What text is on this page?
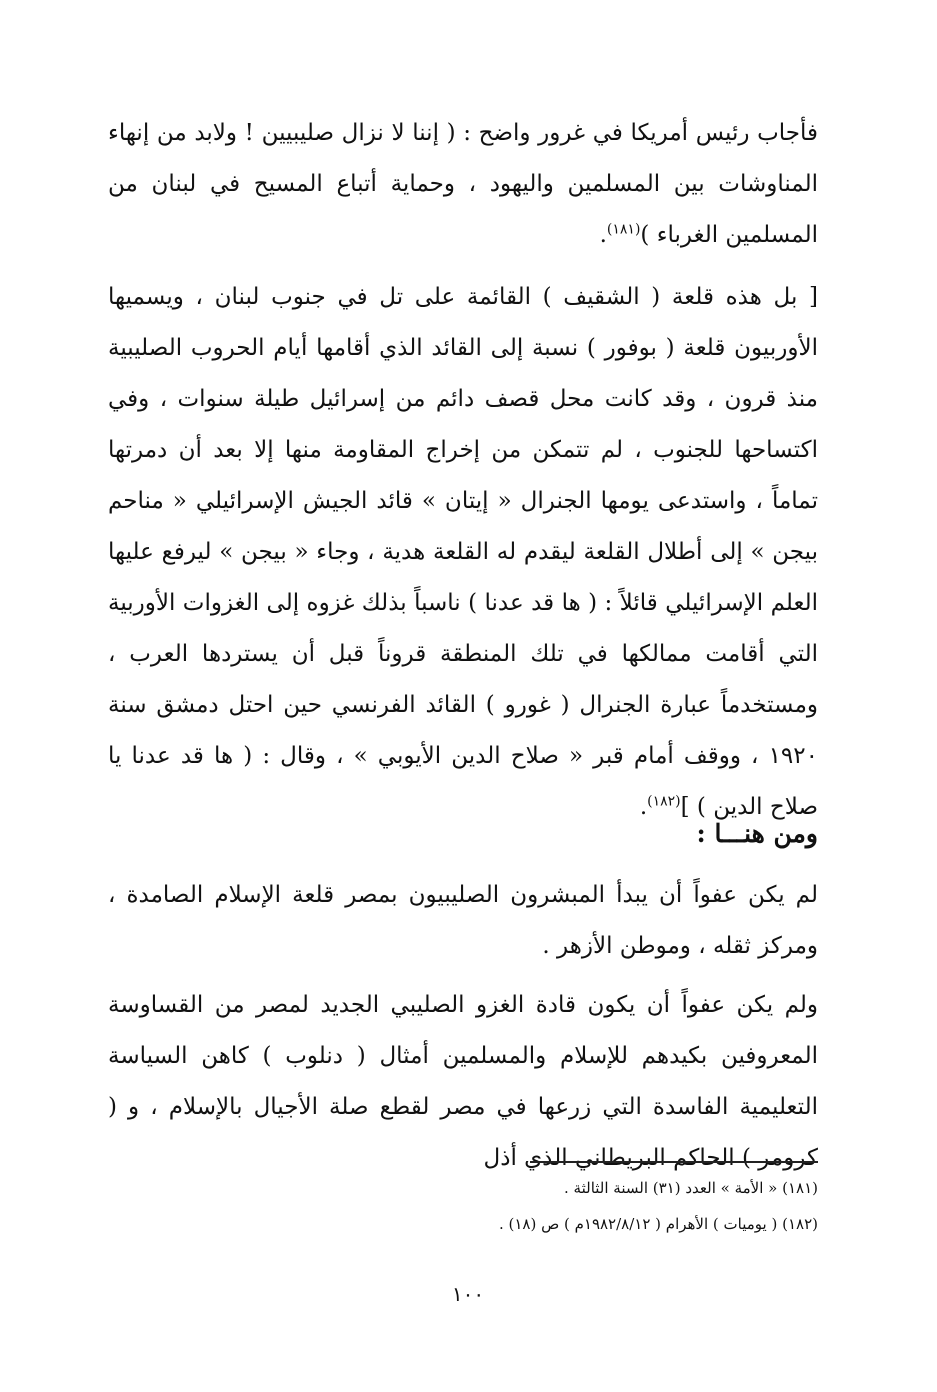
فأجاب رئيس أمريكا في غرور واضح : ( إننا لا نزال صليبيين ! ولابد من إنهاء المناوشات بين المسلمين واليهود ، وحماية أتباع المسيح في لبنان من المسلمين الغرباء )$^{(١٨١)}$.

[ بل هذه قلعة ( الشقيف ) القائمة على تل في جنوب لبنان ، ويسميها الأوربيون قلعة ( بوفور ) نسبة إلى القائد الذي أقامها أيام الحروب الصليبية منذ قرون ، وقد كانت محل قصف دائم من إسرائيل طيلة سنوات ، وفي اكتساحها للجنوب ، لم تتمكن من إخراج المقاومة منها إلا بعد أن دمرتها تماماً ، واستدعى يومها الجنرال « إيتان » قائد الجيش الإسرائيلي « مناحم بيجن » إلى أطلال القلعة ليقدم له القلعة هدية ، وجاء « بيجن » ليرفع عليها العلم الإسرائيلي قائلاً : ( ها قد عدنا ) ناسباً بذلك غزوه إلى الغزوات الأوربية التي أقامت ممالكها في تلك المنطقة قروناً قبل أن يستردها العرب ، ومستخدماً عبارة الجنرال ( غورو ) القائد الفرنسي حين احتل دمشق سنة ١٩٢٠ ، ووقف أمام قبر « صلاح الدين الأيوبي » ، وقال : ( ها قد عدنا يا صلاح الدين ) ]$^{(١٨٢)}$.

ومن هنـــا :

لم يكن عفواً أن يبدأ المبشرون الصليبيون بمصر قلعة الإسلام الصامدة ، ومركز ثقله ، وموطن الأزهر .

ولم يكن عفواً أن يكون قادة الغزو الصليبي الجديد لمصر من القساوسة المعروفين بكيدهم للإسلام والمسلمين أمثال ( دنلوب ) كاهن السياسة التعليمية الفاسدة التي زرعها في مصر لقطع صلة الأجيال بالإسلام ، و ( كرومر ) الحاكم البريطاني الذي أذل

(١٨١) « الأمة » العدد (٣١) السنة الثالثة .

(١٨٢) ( يوميات ) الأهرام ( ١٩٨٢/٨/١٢م ) ص (١٨) .

١٠٠
